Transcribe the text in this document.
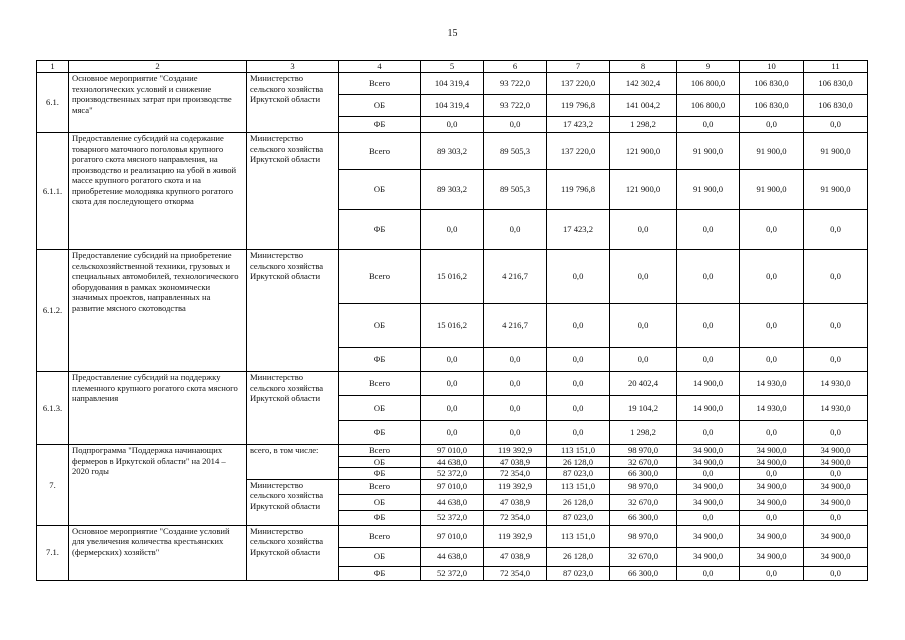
15
1	2	3	4	5	6	7	8	9	10	11
6.1.	Основное мероприятие "Создание технологических условий и снижение производственных затрат при производстве мяса"	Министерство сельского хозяйства Иркутской области	Всего	104 319,4	93 722,0	137 220,0	142 302,4	106 800,0	106 830,0	106 830,0
			ОБ	104 319,4	93 722,0	119 796,8	141 004,2	106 800,0	106 830,0	106 830,0
			ФБ	0,0	0,0	17 423,2	1 298,2	0,0	0,0	0,0
6.1.1.	Предоставление субсидий на содержание товарного маточного поголовья крупного рогатого скота мясного направления, на производство и реализацию на убой в живой массе крупного рогатого скота и на приобретение молодняка крупного рогатого скота для последующего откорма	Министерство сельского хозяйства Иркутской области	Всего	89 303,2	89 505,3	137 220,0	121 900,0	91 900,0	91 900,0	91 900,0
			ОБ	89 303,2	89 505,3	119 796,8	121 900,0	91 900,0	91 900,0	91 900,0
			ФБ	0,0	0,0	17 423,2	0,0	0,0	0,0	0,0
6.1.2.	Предоставление субсидий на приобретение сельскохозяйственной техники, грузовых и специальных автомобилей, технологического оборудования в рамках экономически значимых проектов, направленных на развитие мясного скотоводства	Министерство сельского хозяйства Иркутской области	Всего	15 016,2	4 216,7	0,0	0,0	0,0	0,0	0,0
			ОБ	15 016,2	4 216,7	0,0	0,0	0,0	0,0	0,0
			ФБ	0,0	0,0	0,0	0,0	0,0	0,0	0,0
6.1.3.	Предоставление субсидий на поддержку племенного крупного рогатого скота мясного направления	Министерство сельского хозяйства Иркутской области	Всего	0,0	0,0	0,0	20 402,4	14 900,0	14 930,0	14 930,0
			ОБ	0,0	0,0	0,0	19 104,2	14 900,0	14 930,0	14 930,0
			ФБ	0,0	0,0	0,0	1 298,2	0,0	0,0	0,0
7.	Подпрограмма "Поддержка начинающих фермеров в Иркутской области" на 2014 – 2020 годы	всего, в том числе:	Всего	97 010,0	119 392,9	113 151,0	98 970,0	34 900,0	34 900,0	34 900,0
			ОБ	44 638,0	47 038,9	26 128,0	32 670,0	34 900,0	34 900,0	34 900,0
			ФБ	52 372,0	72 354,0	87 023,0	66 300,0	0,0	0,0	0,0
		Министерство сельского хозяйства Иркутской области	Всего	97 010,0	119 392,9	113 151,0	98 970,0	34 900,0	34 900,0	34 900,0
			ОБ	44 638,0	47 038,9	26 128,0	32 670,0	34 900,0	34 900,0	34 900,0
			ФБ	52 372,0	72 354,0	87 023,0	66 300,0	0,0	0,0	0,0
7.1.	Основное мероприятие "Создание условий для увеличения количества крестьянских (фермерских) хозяйств"	Министерство сельского хозяйства Иркутской области	Всего	97 010,0	119 392,9	113 151,0	98 970,0	34 900,0	34 900,0	34 900,0
			ОБ	44 638,0	47 038,9	26 128,0	32 670,0	34 900,0	34 900,0	34 900,0
			ФБ	52 372,0	72 354,0	87 023,0	66 300,0	0,0	0,0	0,0
